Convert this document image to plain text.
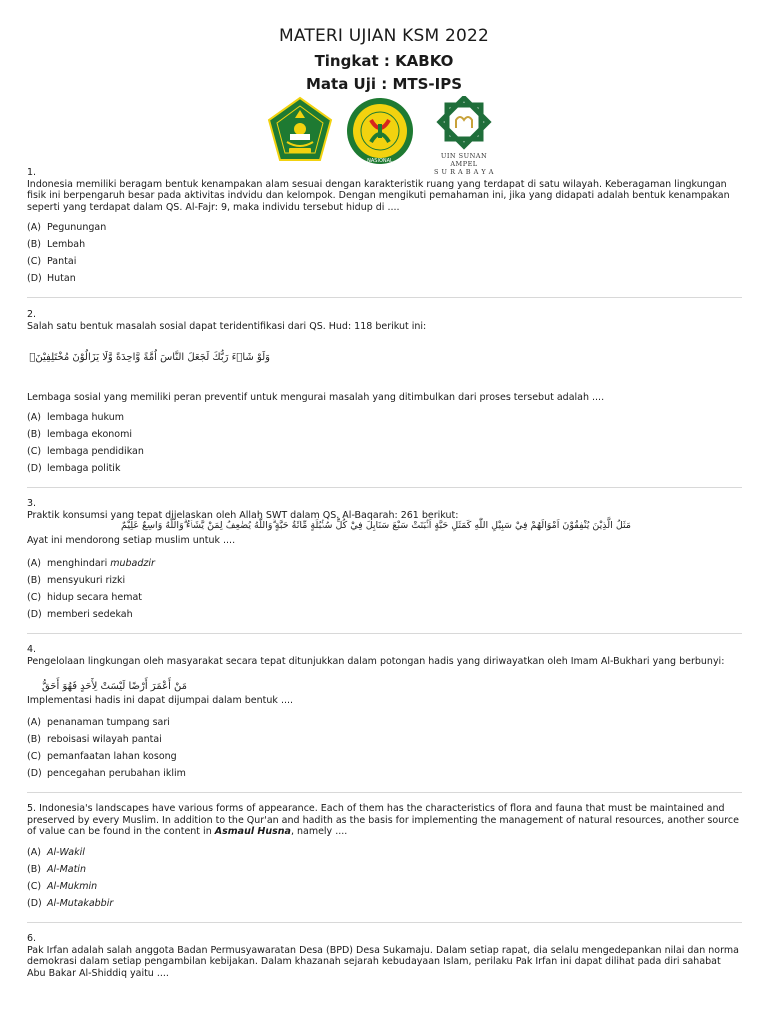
MATERI UJIAN KSM 2022
Tingkat : KABKO
Mata Uji : MTS-IPS
NASIONAL
UIN SUNAN AMPEL
S U R A B A Y A
1.
Indonesia memiliki beragam bentuk kenampakan alam sesuai dengan karakteristik ruang yang terdapat di satu wilayah. Keberagaman lingkungan fisik ini berpengaruh besar pada aktivitas indvidu dan kelompok. Dengan mengikuti pemahaman ini, jika yang didapati adalah bentuk kenampakan seperti yang terdapat dalam QS. Al-Fajr: 9, maka individu tersebut hidup di ....
(A) Pegunungan
(B) Lembah
(C) Pantai
(D) Hutan
2.
Salah satu bentuk masalah sosial dapat teridentifikasi dari QS. Hud: 118 berikut ini:
وَلَوْ شَاۤءَ رَبُّكَ لَجَعَلَ النَّاسَ اُمَّةً وَّاحِدَةً وَّلَا يَزَالُوْنَ مُخْتَلِفِيْنَۙ
Lembaga sosial yang memiliki peran preventif untuk mengurai masalah yang ditimbulkan dari proses tersebut adalah ....
(A) lembaga hukum
(B) lembaga ekonomi
(C) lembaga pendidikan
(D) lembaga politik
3.
Praktik konsumsi yang tepat dijelaskan oleh Allah SWT dalam QS. Al-Baqarah: 261 berikut:
مَثَلُ الَّذِيْنَ يُنْفِقُوْنَ اَمْوَالَهُمْ فِيْ سَبِيْلِ اللّٰهِ كَمَثَلِ حَبَّةٍ اَنْۢبَتَتْ سَبْعَ سَنَابِلَ فِيْ كُلِّ سُنْۢبُلَةٍ مِّائَةُ حَبَّةٍ ۗوَاللّٰهُ يُضٰعِفُ لِمَنْ يَّشَاۤءُ ۗوَاللّٰهُ وَاسِعٌ عَلِيْمٌ
Ayat ini mendorong setiap muslim untuk ....
(A) menghindari mubadzir
(B) mensyukuri rizki
(C) hidup secara hemat
(D) memberi sedekah
4.
Pengelolaan lingkungan oleh masyarakat secara tepat ditunjukkan dalam potongan hadis yang diriwayatkan oleh Imam Al-Bukhari yang berbunyi:
مَنْ أَعْمَرَ أَرْضًا لَيْسَتْ لِأَحَدٍ فَهُوَ أَحَقُّ
Implementasi hadis ini dapat dijumpai dalam bentuk ....
(A) penanaman tumpang sari
(B) reboisasi wilayah pantai
(C) pemanfaatan lahan kosong
(D) pencegahan perubahan iklim
5. Indonesia's landscapes have various forms of appearance. Each of them has the characteristics of flora and fauna that must be maintained and preserved by every Muslim. In addition to the Qur'an and hadith as the basis for implementing the management of natural resources, another source of value can be found in the content in Asmaul Husna, namely ....
(A) Al-Wakil
(B) Al-Matin
(C) Al-Mukmin
(D) Al-Mutakabbir
6.
Pak Irfan adalah salah anggota Badan Permusyawaratan Desa (BPD) Desa Sukamaju. Dalam setiap rapat, dia selalu mengedepankan nilai dan norma demokrasi dalam setiap pengambilan kebijakan. Dalam khazanah sejarah kebudayaan Islam, perilaku Pak Irfan ini dapat dilihat pada diri sahabat Abu Bakar Al-Shiddiq yaitu ....
